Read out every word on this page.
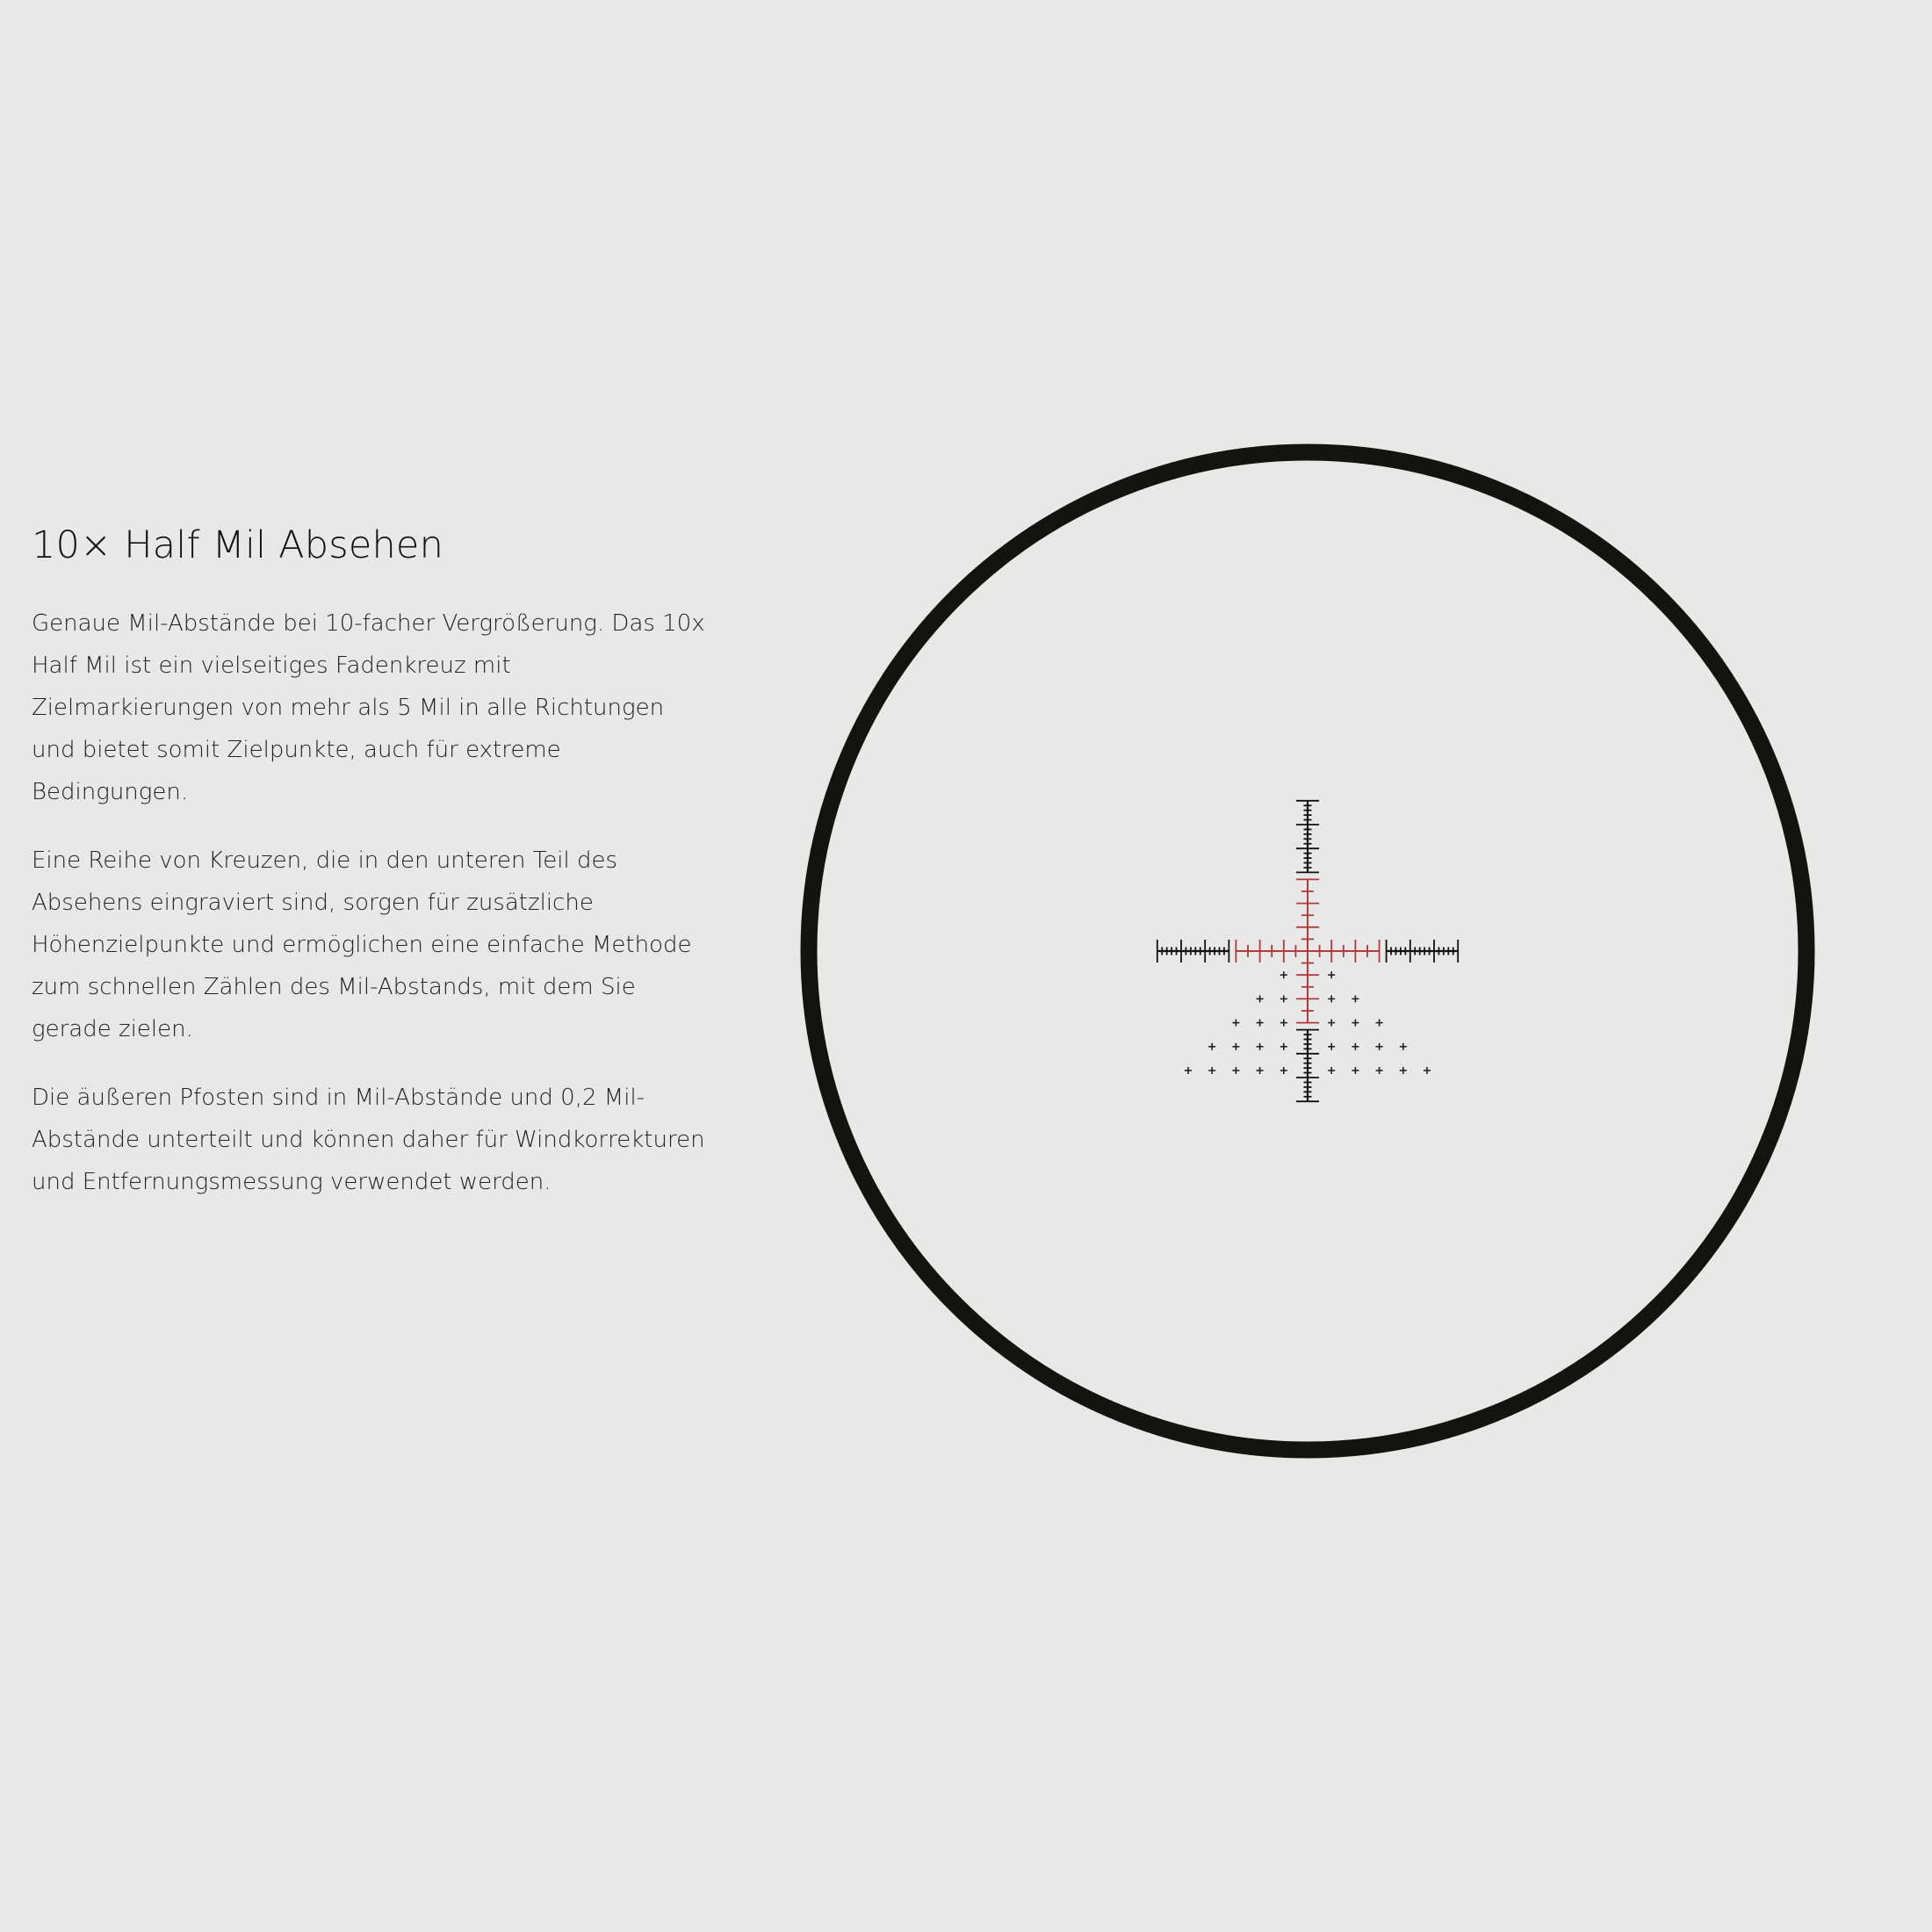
10× Half Mil Absehen

Genaue Mil-Abstände bei 10-facher Vergrößerung. Das 10x Half Mil ist ein vielseitiges Fadenkreuz mit Zielmarkierungen von mehr als 5 Mil in alle Richtungen und bietet somit Zielpunkte, auch für extreme Bedingungen.

Eine Reihe von Kreuzen, die in den unteren Teil des Absehens eingraviert sind, sorgen für zusätzliche Höhenzielpunkte und ermöglichen eine einfache Methode zum schnellen Zählen des Mil-Abstands, mit dem Sie gerade zielen.

Die äußeren Pfosten sind in Mil-Abstände und 0,2 Mil-Abstände unterteilt und können daher für Windkorrekturen und Entfernungsmessung verwendet werden.
